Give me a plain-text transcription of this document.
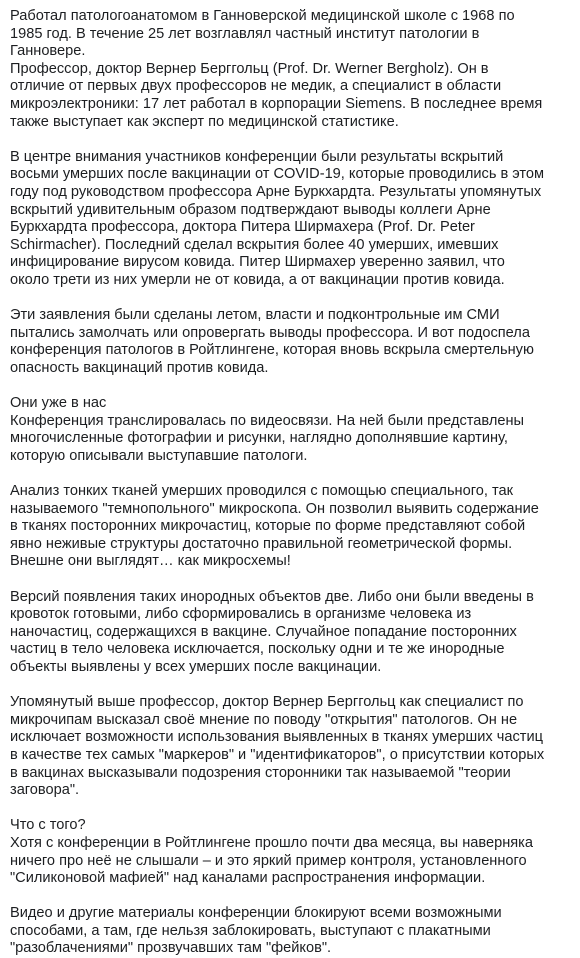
Работал патологоанатомом в Ганноверской медицинской школе с 1968 по
1985 год. В течение 25 лет возглавлял частный институт патологии в
Ганновере.
Профессор, доктор Вернер Берггольц (Prof. Dr. Werner Bergholz). Он в
отличие от первых двух профессоров не медик, а специалист в области
микроэлектроники: 17 лет работал в корпорации Siemens. В последнее время
также выступает как эксперт по медицинской статистике.
В центре внимания участников конференции были результаты вскрытий
восьми умерших после вакцинации от COVID-19, которые проводились в этом
году под руководством профессора Арне Буркхардта. Результаты упомянутых
вскрытий удивительным образом подтверждают выводы коллеги Арне
Буркхардта профессора, доктора Питера Ширмахера (Prof. Dr. Peter
Schirmacher). Последний сделал вскрытия более 40 умерших, имевших
инфицирование вирусом ковида. Питер Ширмахер уверенно заявил, что
около трети из них умерли не от ковида, а от вакцинации против ковида.
Эти заявления были сделаны летом, власти и подконтрольные им СМИ
пытались замолчать или опровергать выводы профессора. И вот подоспела
конференция патологов в Ройтлингене, которая вновь вскрыла смертельную
опасность вакцинаций против ковида.
Они уже в нас
Конференция транслировалась по видеосвязи. На ней были представлены
многочисленные фотографии и рисунки, наглядно дополнявшие картину,
которую описывали выступавшие патологи.
Анализ тонких тканей умерших проводился с помощью специального, так
называемого "темнопольного" микроскопа. Он позволил выявить содержание
в тканях посторонних микрочастиц, которые по форме представляют собой
явно неживые структуры достаточно правильной геометрической формы.
Внешне они выглядят… как микросхемы!
Версий появления таких инородных объектов две. Либо они были введены в
кровоток готовыми, либо сформировались в организме человека из
наночастиц, содержащихся в вакцине. Случайное попадание посторонних
частиц в тело человека исключается, поскольку одни и те же инородные
объекты выявлены у всех умерших после вакцинации.
Упомянутый выше профессор, доктор Вернер Берггольц как специалист по
микрочипам высказал своё мнение по поводу "открытия" патологов. Он не
исключает возможности использования выявленных в тканях умерших частиц
в качестве тех самых "маркеров" и "идентификаторов", о присутствии которых
в вакцинах высказывали подозрения сторонники так называемой "теории
заговора".
Что с того?
Хотя с конференции в Ройтлингене прошло почти два месяца, вы наверняка
ничего про неё не слышали – и это яркий пример контроля, установленного
"Силиконовой мафией" над каналами распространения информации.
Видео и другие материалы конференции блокируют всеми возможными
способами, а там, где нельзя заблокировать, выступают с плакатными
"разоблачениями" прозвучавших там "фейков".
